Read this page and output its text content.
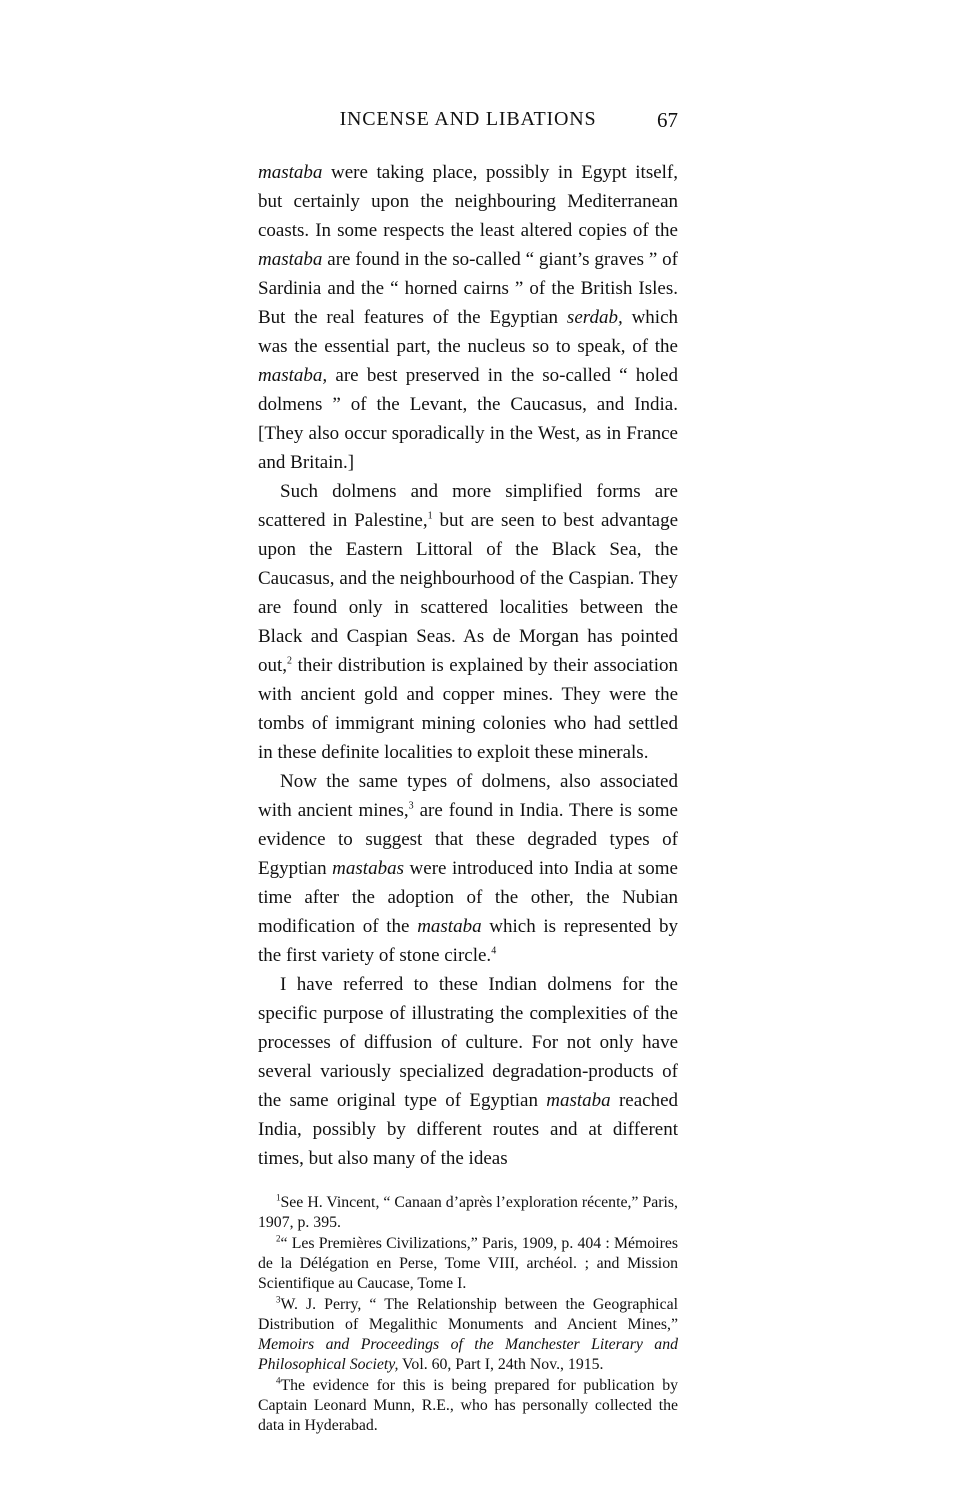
INCENSE AND LIBATIONS	67

mastaba were taking place, possibly in Egypt itself, but certainly upon the neighbouring Mediterranean coasts. In some respects the least altered copies of the mastaba are found in the so-called “ giant’s graves ” of Sardinia and the “ horned cairns ” of the British Isles. But the real features of the Egyptian serdab, which was the essential part, the nucleus so to speak, of the mastaba, are best preserved in the so-called “ holed dolmens ” of the Levant, the Caucasus, and India. [They also occur sporadically in the West, as in France and Britain.]

Such dolmens and more simplified forms are scattered in Palestine,$^1$ but are seen to best advantage upon the Eastern Littoral of the Black Sea, the Caucasus, and the neighbourhood of the Caspian. They are found only in scattered localities between the Black and Caspian Seas. As de Morgan has pointed out,$^2$ their distribution is explained by their association with ancient gold and copper mines. They were the tombs of immigrant mining colonies who had settled in these definite localities to exploit these minerals.

Now the same types of dolmens, also associated with ancient mines,$^3$ are found in India. There is some evidence to suggest that these degraded types of Egyptian mastabas were introduced into India at some time after the adoption of the other, the Nubian modification of the mastaba which is represented by the first variety of stone circle.$^4$

I have referred to these Indian dolmens for the specific purpose of illustrating the complexities of the processes of diffusion of culture. For not only have several variously specialized degradation-products of the same original type of Egyptian mastaba reached India, possibly by different routes and at different times, but also many of the ideas

$^1$See H. Vincent, “ Canaan d’après l’exploration récente,” Paris, 1907, p. 395.

$^2$“ Les Premières Civilizations,” Paris, 1909, p. 404 : Mémoires de la Délégation en Perse, Tome VIII, archéol. ; and Mission Scientifique au Caucase, Tome I.

$^3$W. J. Perry, “ The Relationship between the Geographical Distribution of Megalithic Monuments and Ancient Mines,” Memoirs and Proceedings of the Manchester Literary and Philosophical Society, Vol. 60, Part I, 24th Nov., 1915.

$^4$The evidence for this is being prepared for publication by Captain Leonard Munn, R.E., who has personally collected the data in Hyderabad.
